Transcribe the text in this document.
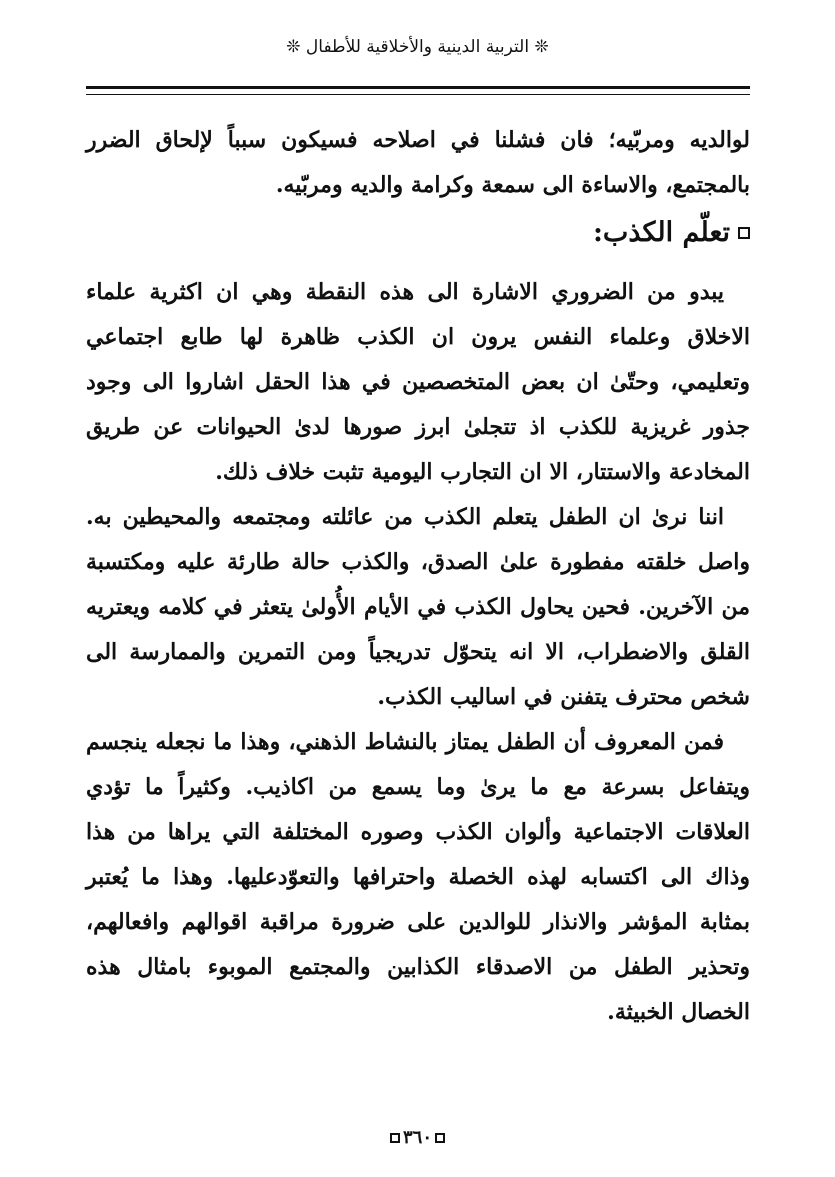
❊ التربية الدينية والأخلاقية للأطفال ❊

لوالديه ومربّيه؛ فان فشلنا في اصلاحه فسيكون سبباً لإلحاق الضرر بالمجتمع، والاساءة الى سمعة وكرامة والديه ومربّيه.

تعلّم الكذب:

يبدو من الضروري الاشارة الى هذه النقطة وهي ان اكثرية علماء الاخلاق وعلماء النفس يرون ان الكذب ظاهرة لها طابع اجتماعي وتعليمي، وحتّىٰ ان بعض المتخصصين في هذا الحقل اشاروا الى وجود جذور غريزية للكذب اذ تتجلىٰ ابرز صورها لدىٰ الحيوانات عن طريق المخادعة والاستتار، الا ان التجارب اليومية تثبت خلاف ذلك.

اننا نرىٰ ان الطفل يتعلم الكذب من عائلته ومجتمعه والمحيطين به. واصل خلقته مفطورة علىٰ الصدق، والكذب حالة طارئة عليه ومكتسبة من الآخرين. فحين يحاول الكذب في الأيام الأُولىٰ يتعثر في كلامه ويعتريه القلق والاضطراب، الا انه يتحوّل تدريجياً ومن التمرين والممارسة الى شخص محترف يتفنن في اساليب الكذب.

فمن المعروف أن الطفل يمتاز بالنشاط الذهني، وهذا ما نجعله ينجسم ويتفاعل بسرعة مع ما يرىٰ وما يسمع من اكاذيب. وكثيراً ما تؤدي العلاقات الاجتماعية وألوان الكذب وصوره المختلفة التي يراها من هذا وذاك الى اكتسابه لهذه الخصلة واحترافها والتعوّدعليها. وهذا ما يُعتبر بمثابة المؤشر والانذار للوالدين على ضرورة مراقبة اقوالهم وافعالهم، وتحذير الطفل من الاصدقاء الكذابين والمجتمع الموبوء بامثال هذه الخصال الخبيثة.

٣٦٠
